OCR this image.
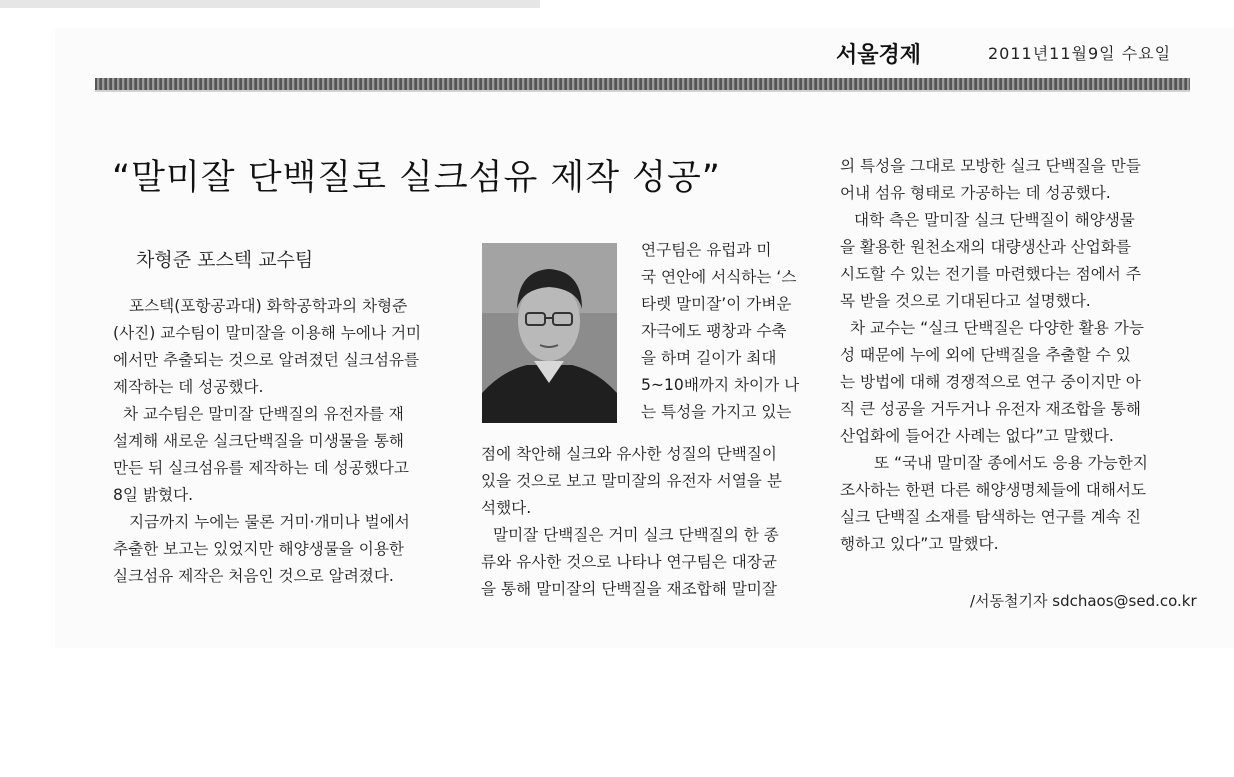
서울경제	2011년11월9일 수요일
“말미잘 단백질로 실크섬유 제작 성공”
차형준 포스텍 교수팀
포스텍(포항공과대) 화학공학과의 차형준
(사진) 교수팀이 말미잘을 이용해 누에나 거미
에서만 추출되는 것으로 알려졌던 실크섬유를
제작하는 데 성공했다.
차 교수팀은 말미잘 단백질의 유전자를 재
설계해 새로운 실크단백질을 미생물을 통해
만든 뒤 실크섬유를 제작하는 데 성공했다고
8일 밝혔다.
지금까지 누에는 물론 거미·개미나 벌에서
추출한 보고는 있었지만 해양생물을 이용한
실크섬유 제작은 처음인 것으로 알려졌다.
연구팀은 유럽과 미
국 연안에 서식하는 ‘스
타렛 말미잘’이 가벼운
자극에도 팽창과 수축
을 하며 길이가 최대
5~10배까지 차이가 나
는 특성을 가지고 있는
점에 착안해 실크와 유사한 성질의 단백질이
있을 것으로 보고 말미잘의 유전자 서열을 분
석했다.
말미잘 단백질은 거미 실크 단백질의 한 종
류와 유사한 것으로 나타나 연구팀은 대장균
을 통해 말미잘의 단백질을 재조합해 말미잘
의 특성을 그대로 모방한 실크 단백질을 만들
어내 섬유 형태로 가공하는 데 성공했다.
대학 측은 말미잘 실크 단백질이 해양생물
을 활용한 원천소재의 대량생산과 산업화를
시도할 수 있는 전기를 마련했다는 점에서 주
목 받을 것으로 기대된다고 설명했다.
차 교수는 “실크 단백질은 다양한 활용 가능
성 때문에 누에 외에 단백질을 추출할 수 있
는 방법에 대해 경쟁적으로 연구 중이지만 아
직 큰 성공을 거두거나 유전자 재조합을 통해
산업화에 들어간 사례는 없다”고 말했다.
또 “국내 말미잘 종에서도 응용 가능한지
조사하는 한편 다른 해양생명체들에 대해서도
실크 단백질 소재를 탐색하는 연구를 계속 진
행하고 있다”고 말했다.
/서동철기자 sdchaos@sed.co.kr
